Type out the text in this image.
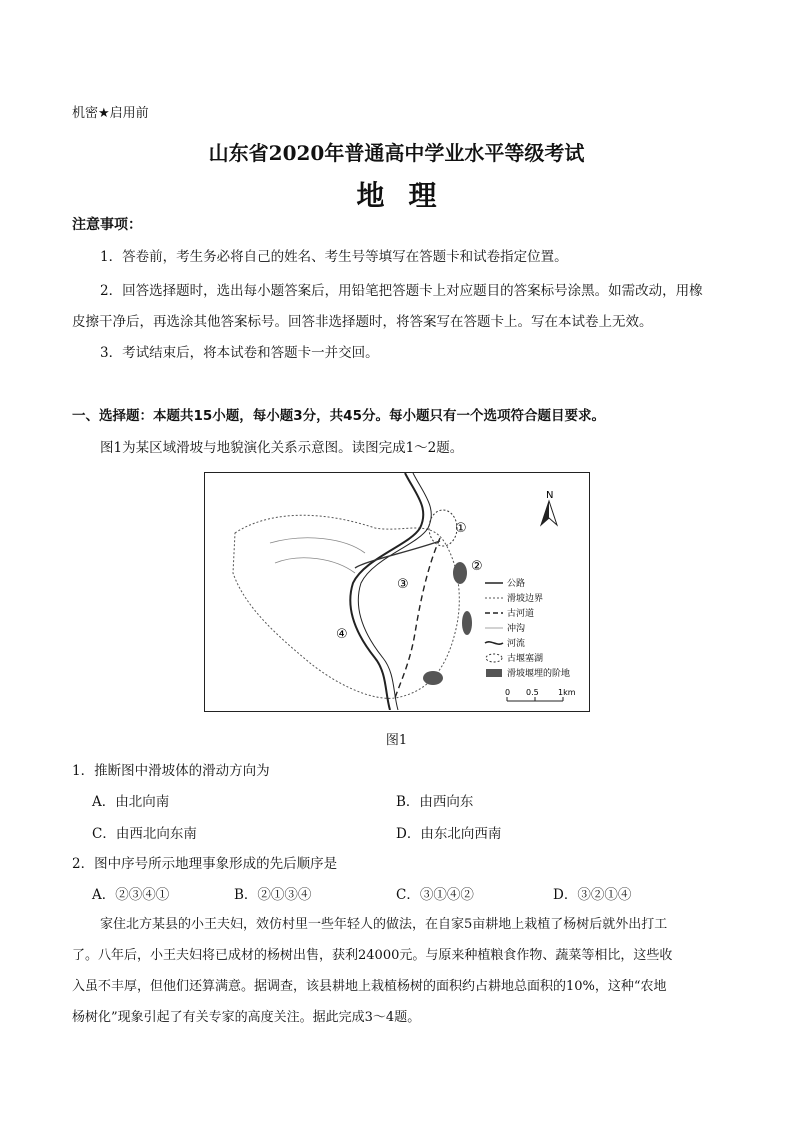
机密★启用前
山东省2020年普通高中学业水平等级考试
地理
注意事项：
1．答卷前，考生务必将自己的姓名、考生号等填写在答题卡和试卷指定位置。
2．回答选择题时，选出每小题答案后，用铅笔把答题卡上对应题目的答案标号涂黑。如需改动，用橡
皮擦干净后，再选涂其他答案标号。回答非选择题时，将答案写在答题卡上。写在本试卷上无效。
3．考试结束后，将本试卷和答题卡一并交回。
一、选择题：本题共15小题，每小题3分，共45分。每小题只有一个选项符合题目要求。
图1为某区域滑坡与地貌演化关系示意图。读图完成1～2题。
①
②
③
④
N
公路
滑坡边界
古河道
冲沟
河流
古堰塞湖
滑坡堰埋的阶地
0 0.5 1km
图1
1．推断图中滑坡体的滑动方向为
A．由北向南	B．由西向东
C．由西北向东南	D．由东北向西南
2．图中序号所示地理事象形成的先后顺序是
A．②③④①	B．②①③④	C．③①④②	D．③②①④
家住北方某县的小王夫妇，效仿村里一些年轻人的做法，在自家5亩耕地上栽植了杨树后就外出打工
了。八年后，小王夫妇将已成材的杨树出售，获利24000元。与原来种植粮食作物、蔬菜等相比，这些收
入虽不丰厚，但他们还算满意。据调查，该县耕地上栽植杨树的面积约占耕地总面积的10%，这种“农地
杨树化”现象引起了有关专家的高度关注。据此完成3～4题。
